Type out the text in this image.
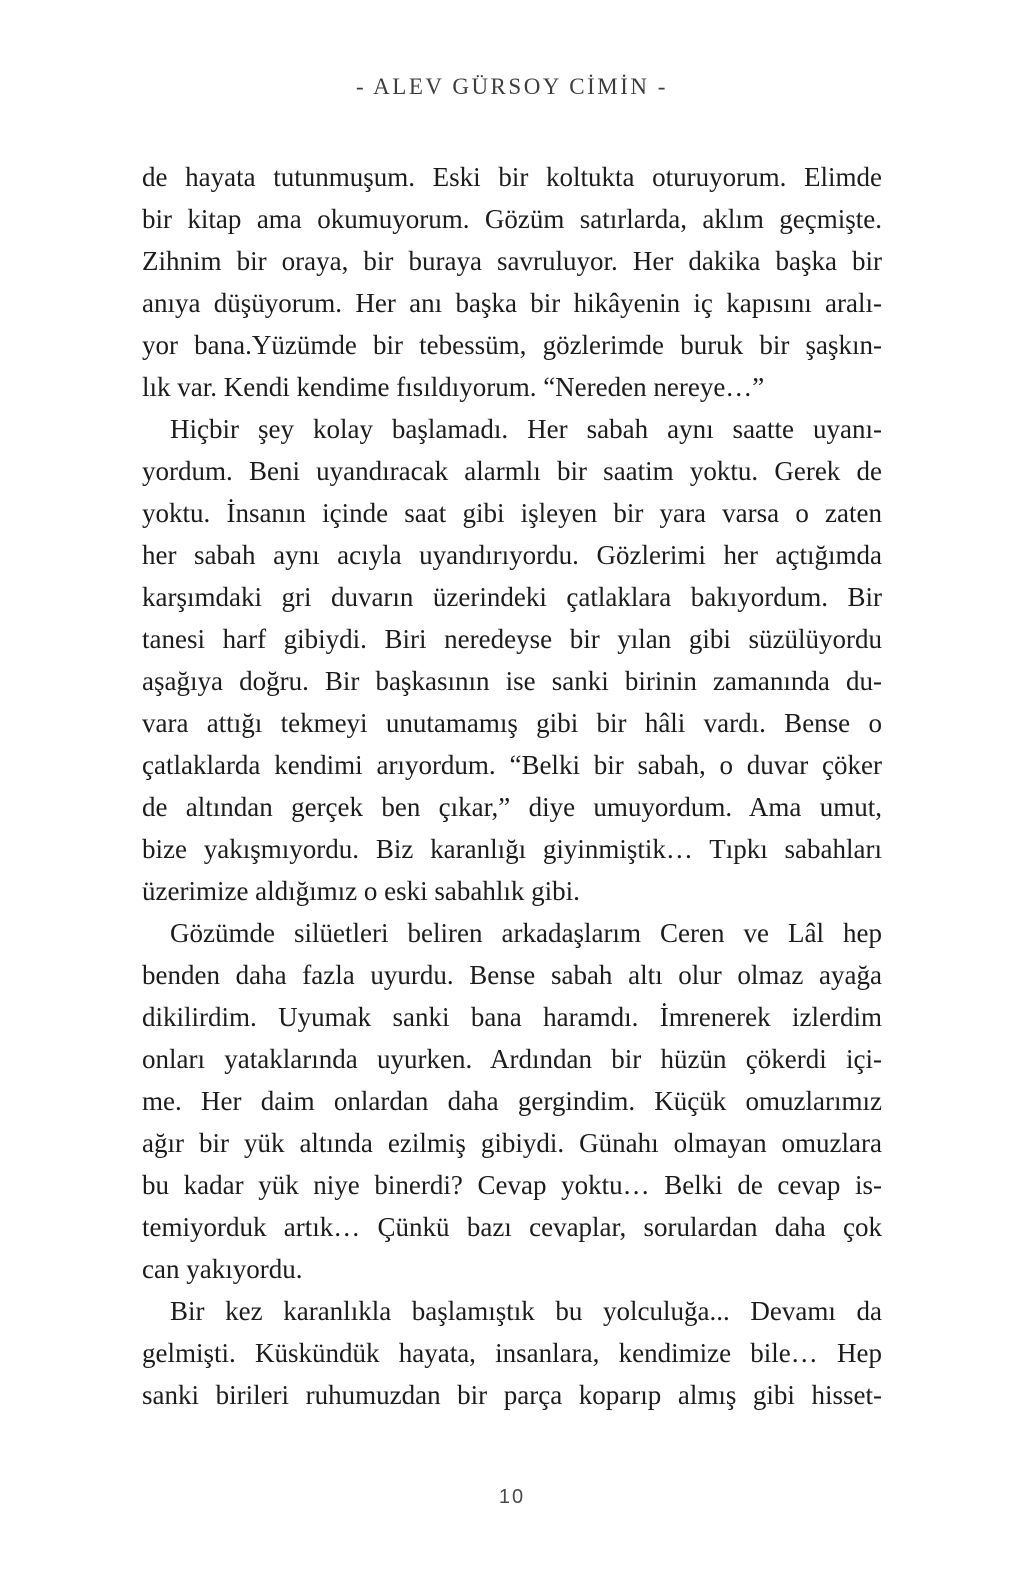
- ALEV GÜRSOY CİMİN -
de hayata tutunmuşum. Eski bir koltukta oturuyorum. Elimde
bir kitap ama okumuyorum. Gözüm satırlarda, aklım geçmişte.
Zihnim bir oraya, bir buraya savruluyor. Her dakika başka bir
anıya düşüyorum. Her anı başka bir hikâyenin iç kapısını aralı-
yor bana.Yüzümde bir tebessüm, gözlerimde buruk bir şaşkın-
lık var. Kendi kendime fısıldıyorum. “Nereden nereye…”
Hiçbir şey kolay başlamadı. Her sabah aynı saatte uyanı-
yordum. Beni uyandıracak alarmlı bir saatim yoktu. Gerek de
yoktu. İnsanın içinde saat gibi işleyen bir yara varsa o zaten
her sabah aynı acıyla uyandırıyordu. Gözlerimi her açtığımda
karşımdaki gri duvarın üzerindeki çatlaklara bakıyordum. Bir
tanesi harf gibiydi. Biri neredeyse bir yılan gibi süzülüyordu
aşağıya doğru. Bir başkasının ise sanki birinin zamanında du-
vara attığı tekmeyi unutamamış gibi bir hâli vardı. Bense o
çatlaklarda kendimi arıyordum. “Belki bir sabah, o duvar çöker
de altından gerçek ben çıkar,” diye umuyordum. Ama umut,
bize yakışmıyordu. Biz karanlığı giyinmiştik… Tıpkı sabahları
üzerimize aldığımız o eski sabahlık gibi.
Gözümde silüetleri beliren arkadaşlarım Ceren ve Lâl hep
benden daha fazla uyurdu. Bense sabah altı olur olmaz ayağa
dikilirdim. Uyumak sanki bana haramdı. İmrenerek izlerdim
onları yataklarında uyurken. Ardından bir hüzün çökerdi içi-
me. Her daim onlardan daha gergindim. Küçük omuzlarımız
ağır bir yük altında ezilmiş gibiydi. Günahı olmayan omuzlara
bu kadar yük niye binerdi? Cevap yoktu… Belki de cevap is-
temiyorduk artık… Çünkü bazı cevaplar, sorulardan daha çok
can yakıyordu.
Bir kez karanlıkla başlamıştık bu yolculuğa... Devamı da
gelmişti. Küskündük hayata, insanlara, kendimize bile… Hep
sanki birileri ruhumuzdan bir parça koparıp almış gibi hisset-
10
